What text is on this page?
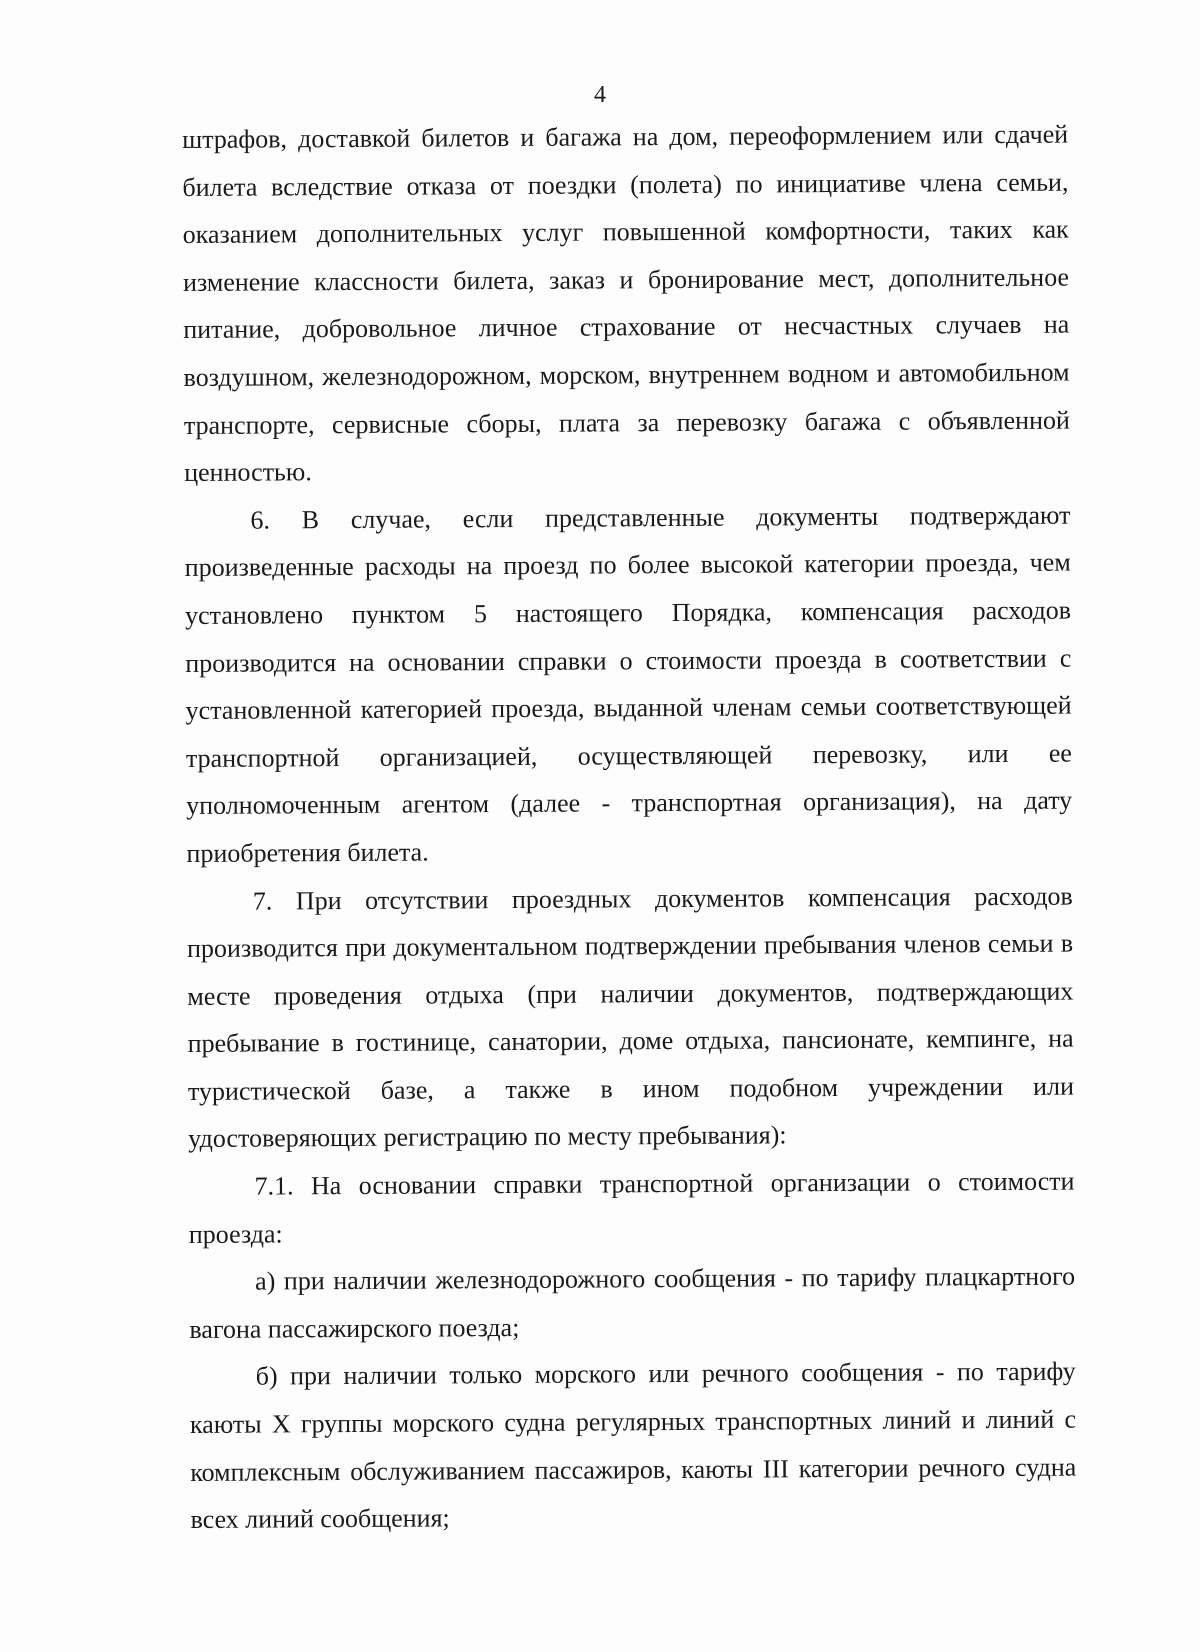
4

штрафов, доставкой билетов и багажа на дом, переоформлением или сдачей билета вследствие отказа от поездки (полета) по инициативе члена семьи, оказанием дополнительных услуг повышенной комфортности, таких как изменение классности билета, заказ и бронирование мест, дополнительное питание, добровольное личное страхование от несчастных случаев на воздушном, железнодорожном, морском, внутреннем водном и автомобильном транспорте, сервисные сборы, плата за перевозку багажа с объявленной ценностью.

6. В случае, если представленные документы подтверждают произведенные расходы на проезд по более высокой категории проезда, чем установлено пунктом 5 настоящего Порядка, компенсация расходов производится на основании справки о стоимости проезда в соответствии с установленной категорией проезда, выданной членам семьи соответствующей транспортной организацией, осуществляющей перевозку, или ее уполномоченным агентом (далее - транспортная организация), на дату приобретения билета.

7. При отсутствии проездных документов компенсация расходов производится при документальном подтверждении пребывания членов семьи в месте проведения отдыха (при наличии документов, подтверждающих пребывание в гостинице, санатории, доме отдыха, пансионате, кемпинге, на туристической базе, а также в ином подобном учреждении или удостоверяющих регистрацию по месту пребывания):

7.1. На основании справки транспортной организации о стоимости проезда:

а) при наличии железнодорожного сообщения - по тарифу плацкартного вагона пассажирского поезда;

б) при наличии только морского или речного сообщения - по тарифу каюты X группы морского судна регулярных транспортных линий и линий с комплексным обслуживанием пассажиров, каюты III категории речного судна всех линий сообщения;
